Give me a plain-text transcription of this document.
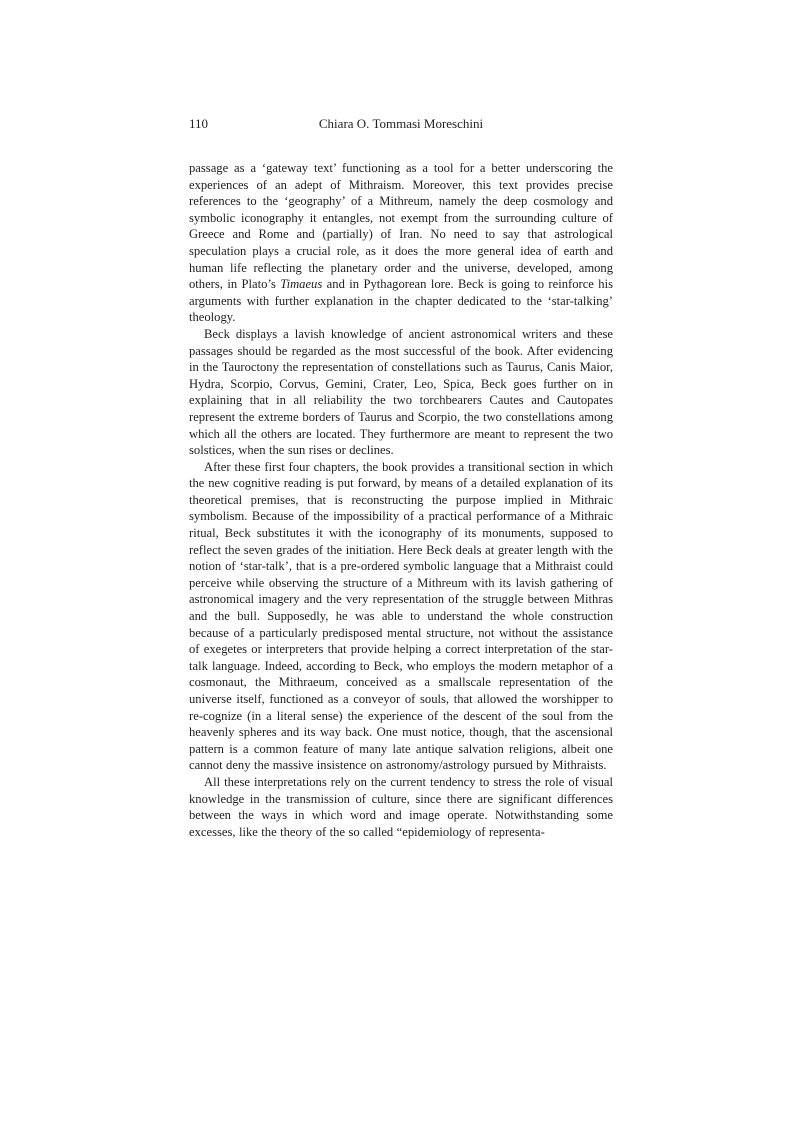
110	Chiara O. Tommasi Moreschini

passage as a ‘gateway text’ functioning as a tool for a better underscoring the experiences of an adept of Mithraism. Moreover, this text provides precise references to the ‘geography’ of a Mithreum, namely the deep cosmology and symbolic iconography it entangles, not exempt from the surrounding culture of Greece and Rome and (partially) of Iran. No need to say that astrological speculation plays a crucial role, as it does the more general idea of earth and human life reflecting the planetary order and the universe, developed, among others, in Plato’s Timaeus and in Pythagorean lore. Beck is going to reinforce his arguments with further explanation in the chapter dedicated to the ‘star-talking’ theology.

Beck displays a lavish knowledge of ancient astronomical writers and these passages should be regarded as the most successful of the book. After evidencing in the Tauroctony the representation of constellations such as Taurus, Canis Maior, Hydra, Scorpio, Corvus, Gemini, Crater, Leo, Spica, Beck goes further on in explaining that in all reliability the two torchbearers Cautes and Cautopates represent the extreme borders of Taurus and Scorpio, the two constellations among which all the others are located. They furthermore are meant to represent the two solstices, when the sun rises or declines.

After these first four chapters, the book provides a transitional section in which the new cognitive reading is put forward, by means of a detailed explanation of its theoretical premises, that is reconstructing the purpose implied in Mithraic symbolism. Because of the impossibility of a practical performance of a Mithraic ritual, Beck substitutes it with the iconography of its monuments, supposed to reflect the seven grades of the initiation. Here Beck deals at greater length with the notion of ‘star-talk’, that is a pre-ordered symbolic language that a Mithraist could perceive while observing the structure of a Mithreum with its lavish gathering of astronomical imagery and the very representation of the struggle between Mithras and the bull. Supposedly, he was able to understand the whole construction because of a particularly predisposed mental structure, not without the assistance of exegetes or interpreters that provide helping a correct interpretation of the star-talk language. Indeed, according to Beck, who employs the modern metaphor of a cosmonaut, the Mithraeum, conceived as a smallscale representation of the universe itself, functioned as a conveyor of souls, that allowed the worshipper to re-cognize (in a literal sense) the experience of the descent of the soul from the heavenly spheres and its way back. One must notice, though, that the ascensional pattern is a common feature of many late antique salvation religions, albeit one cannot deny the massive insistence on astronomy/astrology pursued by Mithraists.

All these interpretations rely on the current tendency to stress the role of visual knowledge in the transmission of culture, since there are significant differences between the ways in which word and image operate. Notwithstanding some excesses, like the theory of the so called “epidemiology of representa-
